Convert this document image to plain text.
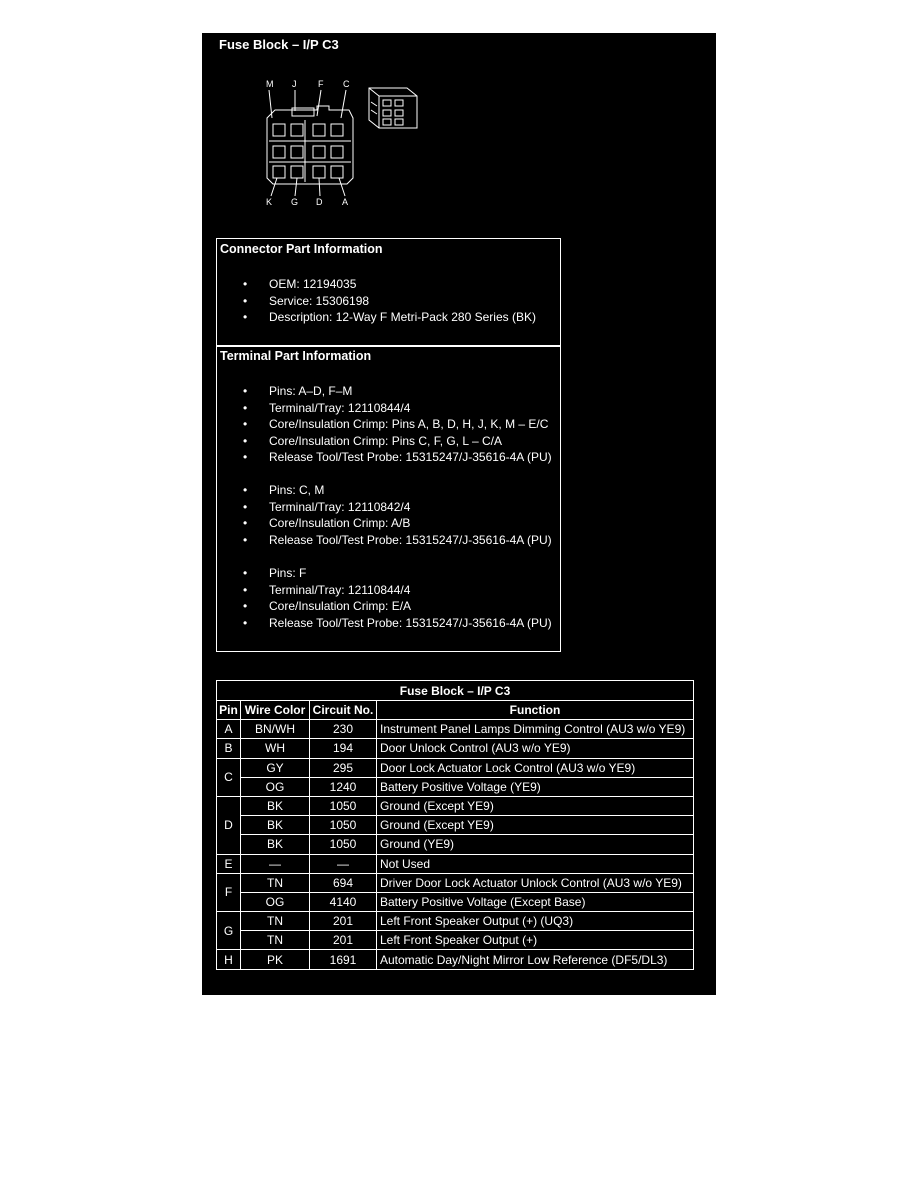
Fuse Block – I/P C3
M J F C
K G D A
Connector Part Information
• OEM: 12194035
• Service: 15306198
• Description: 12-Way F Metri-Pack 280 Series (BK)
Terminal Part Information
• Pins: A–D, F–M
• Terminal/Tray: 12110844/4
• Core/Insulation Crimp: Pins A, B, D, H, J, K, M – E/C
• Core/Insulation Crimp: Pins C, F, G, L – C/A
• Release Tool/Test Probe: 15315247/J-35616-4A (PU)
• Pins: C, M
• Terminal/Tray: 12110842/4
• Core/Insulation Crimp: A/B
• Release Tool/Test Probe: 15315247/J-35616-4A (PU)
• Pins: F
• Terminal/Tray: 12110844/4
• Core/Insulation Crimp: E/A
• Release Tool/Test Probe: 15315247/J-35616-4A (PU)
Fuse Block – I/P C3			
Pin	Wire Color	Circuit No.	Function
A	BN/WH	230	Instrument Panel Lamps Dimming Control (AU3 w/o YE9)
B	WH	194	Door Unlock Control (AU3 w/o YE9)
C	GY	295	Door Lock Actuator Lock Control (AU3 w/o YE9)
	OG	1240	Battery Positive Voltage (YE9)
D	BK	1050	Ground (Except YE9)
	BK	1050	Ground (Except YE9)
	BK	1050	Ground (YE9)
E	—	—	Not Used
F	TN	694	Driver Door Lock Actuator Unlock Control (AU3 w/o YE9)
	OG	4140	Battery Positive Voltage (Except Base)
G	TN	201	Left Front Speaker Output (+) (UQ3)
	TN	201	Left Front Speaker Output (+)
H	PK	1691	Automatic Day/Night Mirror Low Reference (DF5/DL3)
